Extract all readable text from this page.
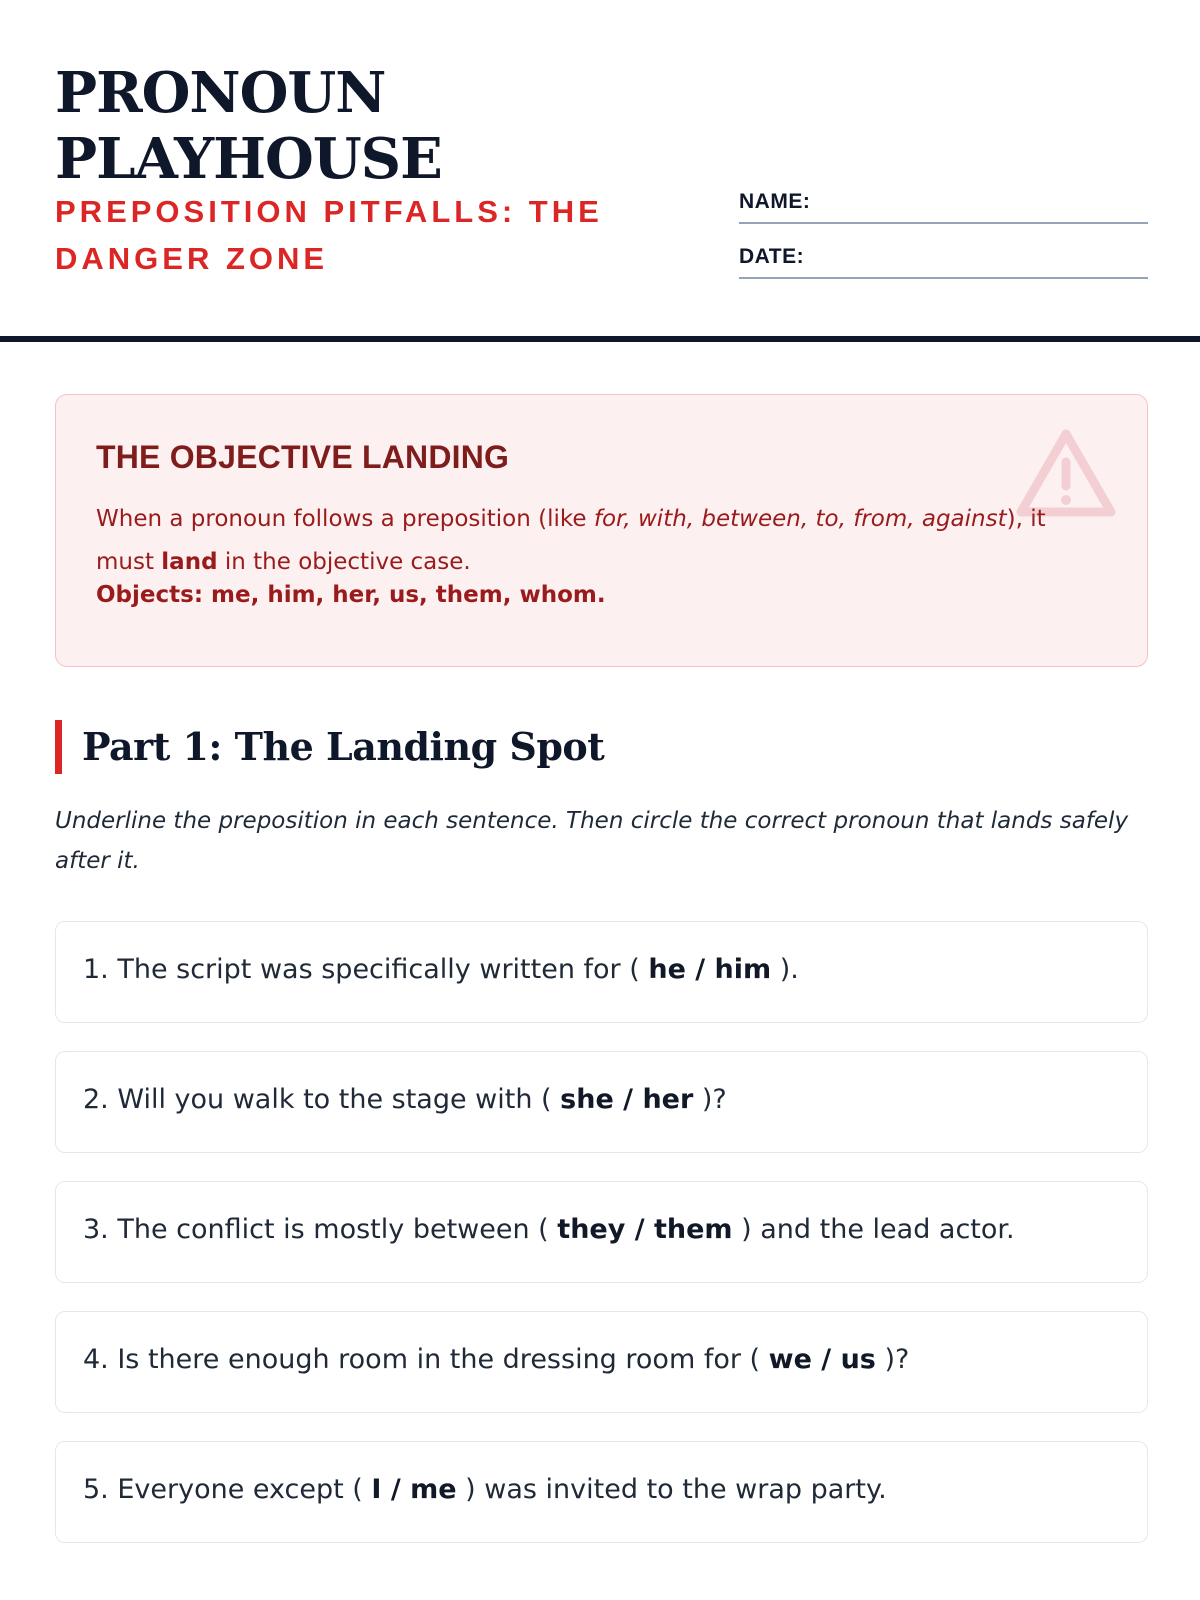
PRONOUN
PLAYHOUSE
PREPOSITION PITFALLS: THE DANGER ZONE
NAME:
DATE:
THE OBJECTIVE LANDING
When a pronoun follows a preposition (like for, with, between, to, from, against), it must land in the objective case.
Objects: me, him, her, us, them, whom.
Part 1: The Landing Spot
Underline the preposition in each sentence. Then circle the correct pronoun that lands safely after it.
1. The script was specifically written for ( he / him ).
2. Will you walk to the stage with ( she / her )?
3. The conflict is mostly between ( they / them ) and the lead actor.
4. Is there enough room in the dressing room for ( we / us )?
5. Everyone except ( I / me ) was invited to the wrap party.
